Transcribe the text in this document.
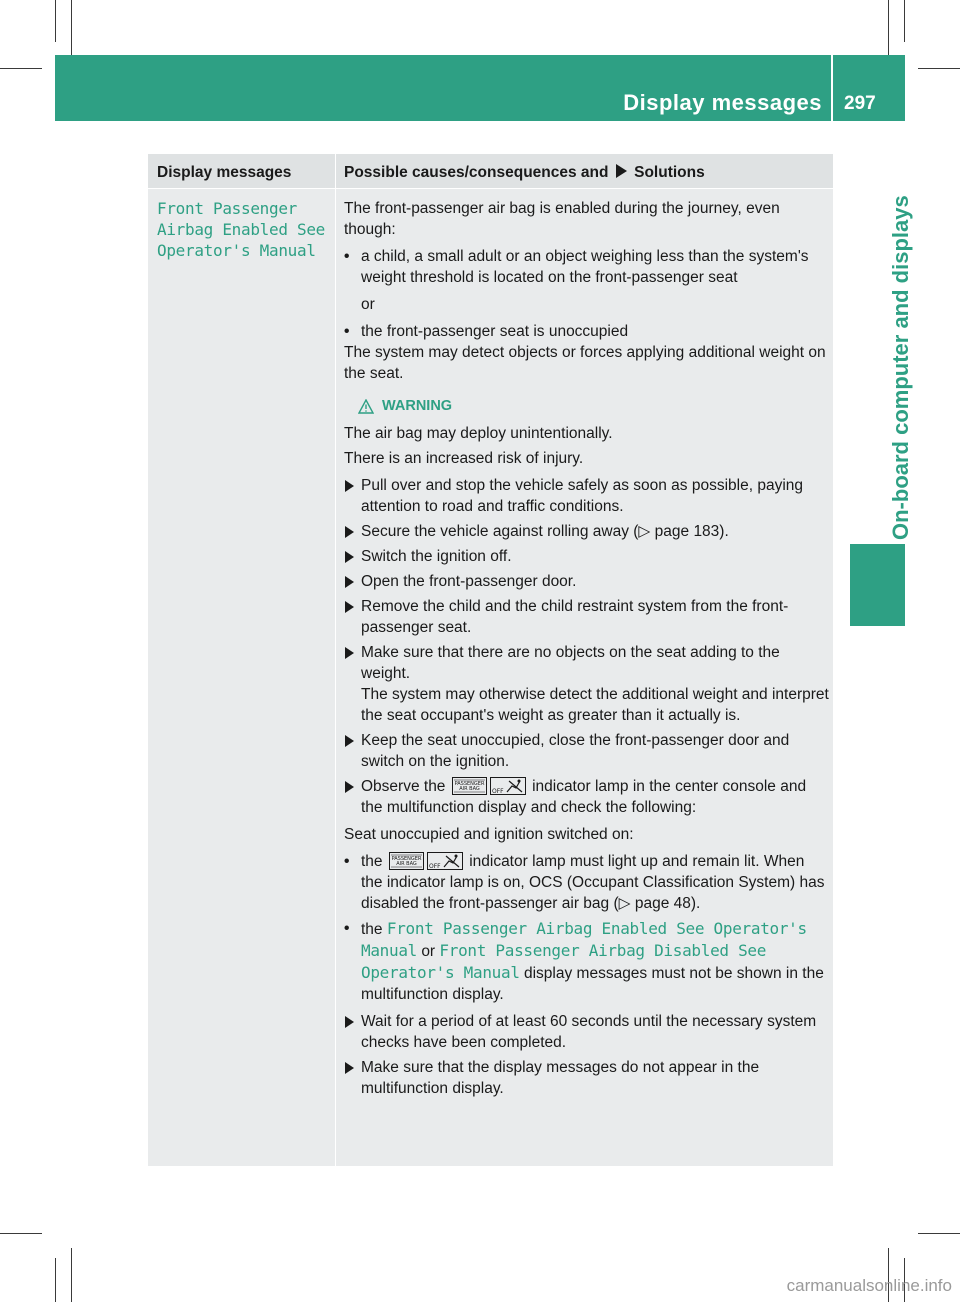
Display messages 297
On-board computer and displays
Display messages	Possible causes/consequences and Solutions
Front Passenger
Airbag Enabled See
Operator's Manual

The front-passenger air bag is enabled during the journey, even though:

• a child, a small adult or an object weighing less than the system's weight threshold is located on the front-passenger seat

or

• the front-passenger seat is unoccupied

The system may detect objects or forces applying additional weight on the seat.

WARNING

The air bag may deploy unintentionally.

There is an increased risk of injury.

Pull over and stop the vehicle safely as soon as possible, paying attention to road and traffic conditions.

Secure the vehicle against rolling away (▷ page 183).

Switch the ignition off.

Open the front-passenger door.

Remove the child and the child restraint system from the front-passenger seat.

Make sure that there are no objects on the seat adding to the weight.

The system may otherwise detect the additional weight and interpret the seat occupant's weight as greater than it actually is.

Keep the seat unoccupied, close the front-passenger door and switch on the ignition.

Observe the PASSENGER
AIR BAG OFF indicator lamp in the center console and the multifunction display and check the following:

Seat unoccupied and ignition switched on:

• the PASSENGER
AIR BAG OFF indicator lamp must light up and remain lit. When the indicator lamp is on, OCS (Occupant Classification System) has disabled the front-passenger air bag (▷ page 48).

• the Front Passenger Airbag Enabled See Operator's Manual or Front Passenger Airbag Disabled See Operator's Manual display messages must not be shown in the multifunction display.

Wait for a period of at least 60 seconds until the necessary system checks have been completed.

Make sure that the display messages do not appear in the multifunction display.

carmanualsonline.info
